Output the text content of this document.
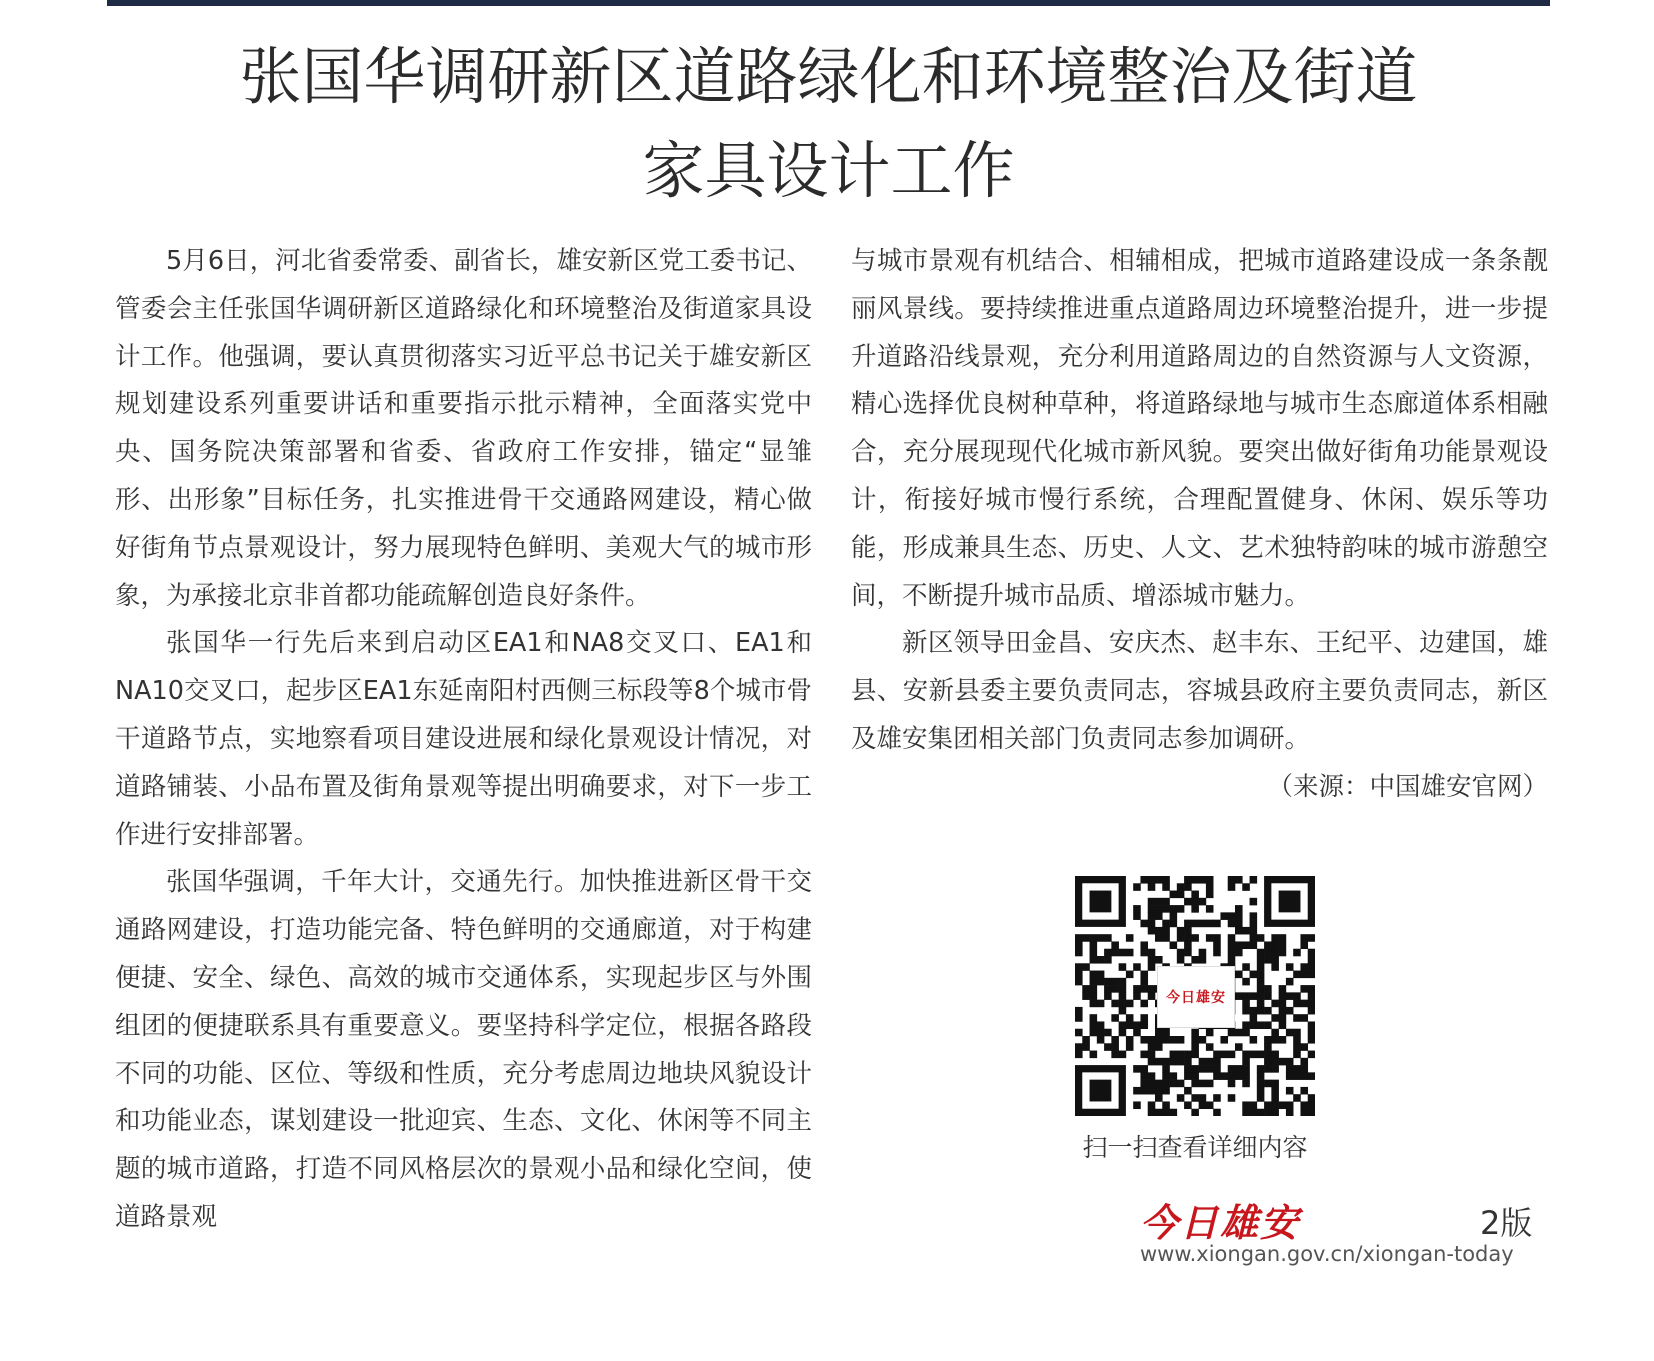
张国华调研新区道路绿化和环境整治及街道
家具设计工作

5月6日，河北省委常委、副省长，雄安新区党工委书记、管委会主任张国华调研新区道路绿化和环境整治及街道家具设计工作。他强调，要认真贯彻落实习近平总书记关于雄安新区规划建设系列重要讲话和重要指示批示精神，全面落实党中央、国务院决策部署和省委、省政府工作安排，锚定“显雏形、出形象”目标任务，扎实推进骨干交通路网建设，精心做好街角节点景观设计，努力展现特色鲜明、美观大气的城市形象，为承接北京非首都功能疏解创造良好条件。

张国华一行先后来到启动区EA1和NA8交叉口、EA1和NA10交叉口，起步区EA1东延南阳村西侧三标段等8个城市骨干道路节点，实地察看项目建设进展和绿化景观设计情况，对道路铺装、小品布置及街角景观等提出明确要求，对下一步工作进行安排部署。

张国华强调，千年大计，交通先行。加快推进新区骨干交通路网建设，打造功能完备、特色鲜明的交通廊道，对于构建便捷、安全、绿色、高效的城市交通体系，实现起步区与外围组团的便捷联系具有重要意义。要坚持科学定位，根据各路段不同的功能、区位、等级和性质，充分考虑周边地块风貌设计和功能业态，谋划建设一批迎宾、生态、文化、休闲等不同主题的城市道路，打造不同风格层次的景观小品和绿化空间，使道路景观

与城市景观有机结合、相辅相成，把城市道路建设成一条条靓丽风景线。要持续推进重点道路周边环境整治提升，进一步提升道路沿线景观，充分利用道路周边的自然资源与人文资源，精心选择优良树种草种，将道路绿地与城市生态廊道体系相融合，充分展现现代化城市新风貌。要突出做好街角功能景观设计，衔接好城市慢行系统，合理配置健身、休闲、娱乐等功能，形成兼具生态、历史、人文、艺术独特韵味的城市游憩空间，不断提升城市品质、增添城市魅力。

新区领导田金昌、安庆杰、赵丰东、王纪平、边建国，雄县、安新县委主要负责同志，容城县政府主要负责同志，新区及雄安集团相关部门负责同志参加调研。

（来源：中国雄安官网）

今日雄安
扫一扫查看详细内容
今日雄安	2版
www.xiongan.gov.cn/xiongan-today
